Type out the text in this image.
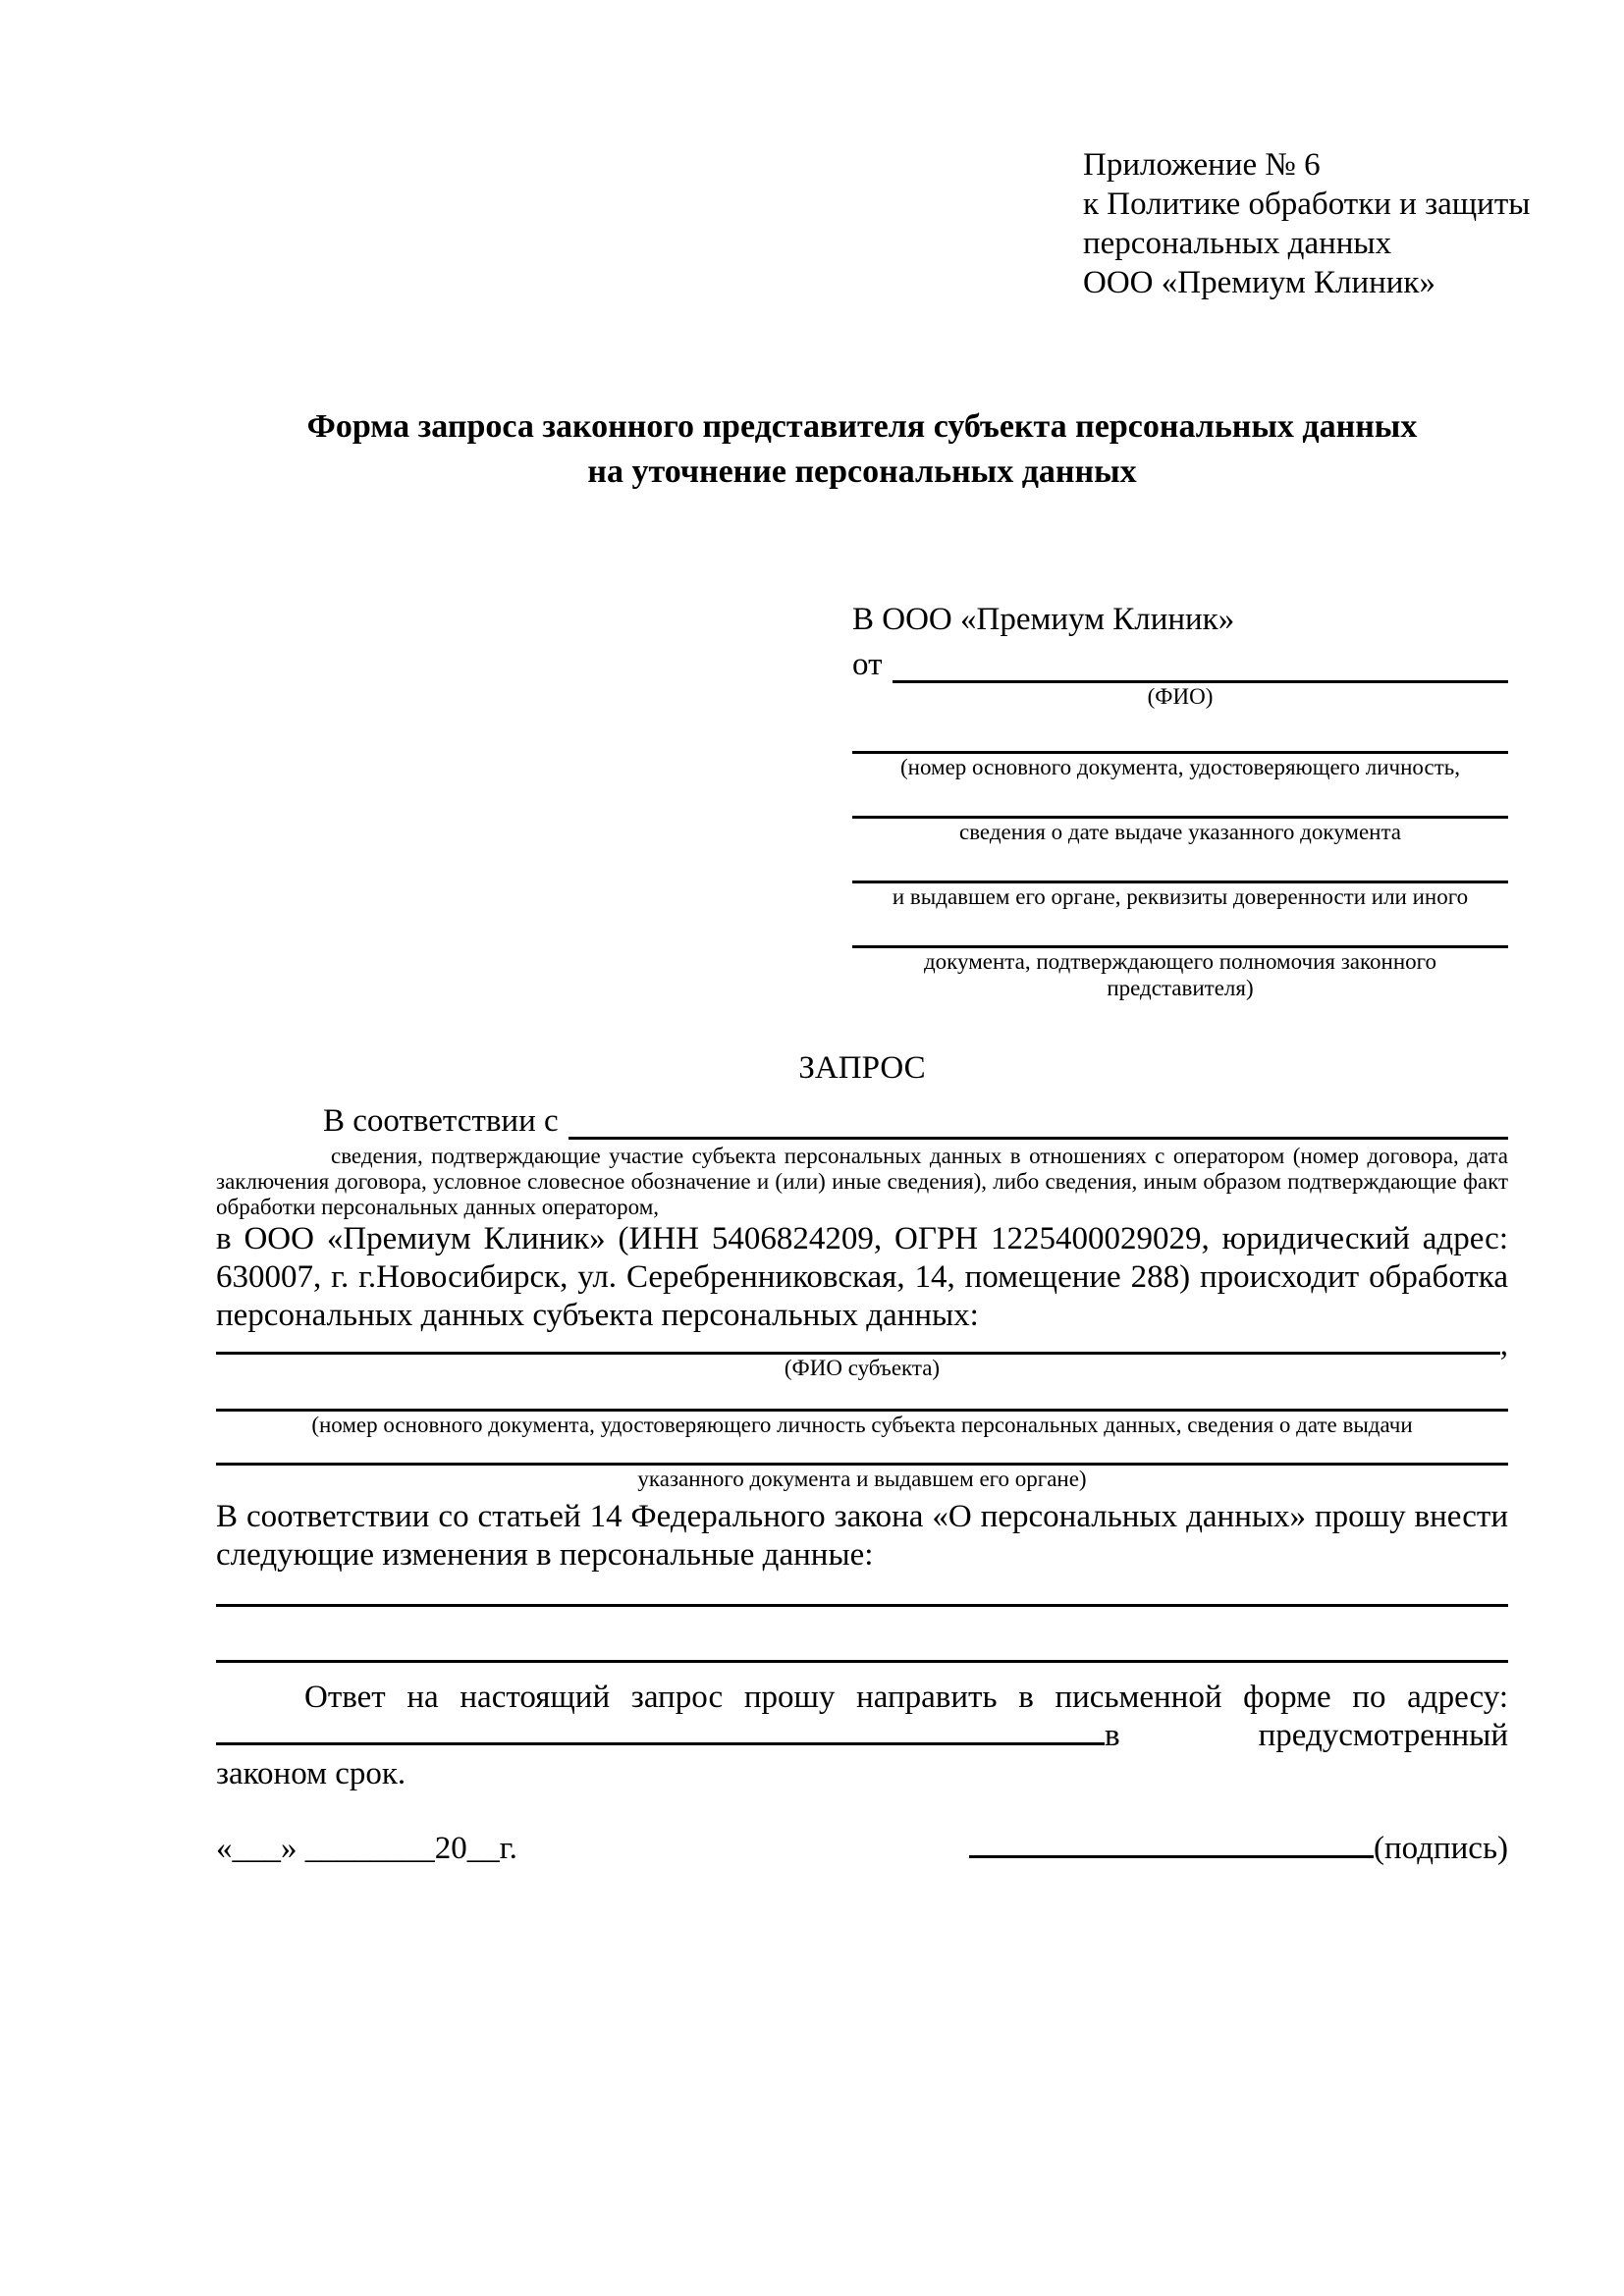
Приложение № 6
к Политике обработки и защиты
персональных данных
ООО «Премиум Клиник»
Форма запроса законного представителя субъекта персональных данных
на уточнение персональных данных
В ООО «Премиум Клиник»
от
(ФИО)
(номер основного документа, удостоверяющего личность,
сведения о дате выдаче указанного документа
и выдавшем его органе, реквизиты доверенности или иного
документа, подтверждающего полномочия законного представителя)
ЗАПРОС
В соответствии с
сведения, подтверждающие участие субъекта персональных данных в отношениях с оператором (номер договора, дата заключения договора, условное словесное обозначение и (или) иные сведения), либо сведения, иным образом подтверждающие факт обработки персональных данных оператором,
в ООО «Премиум Клиник» (ИНН 5406824209, ОГРН 1225400029029, юридический адрес: 630007, г. г.Новосибирск, ул. Серебренниковская, 14, помещение 288) происходит обработка персональных данных субъекта персональных данных:
,
(ФИО субъекта)
(номер основного документа, удостоверяющего личность субъекта персональных данных, сведения о дате выдачи
указанного документа и выдавшем его органе)
В соответствии со статьей 14 Федерального закона «О персональных данных» прошу внести следующие изменения в персональные данные:
Ответ на настоящий запрос прошу направить в письменной форме по адресу:
в	предусмотренный
законом срок.
«___» ________20__г.	(подпись)
